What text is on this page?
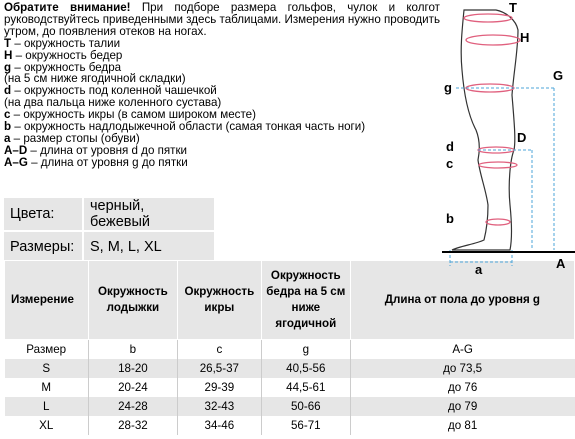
Обратите внимание! При подборе размера гольфов, чулок и колгот руководствуйтесь приведенными здесь таблицами. Измерения нужно проводить утром, до появления отеков на ногах.
T – окружность талии
H – окружность бедер
g – окружность бедра
(на 5 см ниже ягодичной складки)
d – окружность под коленной чашечкой
(на два пальца ниже коленного сустава)
c – окружность икры (в самом широком месте)
b – окружность надлодыжечной области (самая тонкая часть ноги)
a – размер стопы (обуви)
A–D – длина от уровня d до пятки
A–G – длина от уровня g до пятки
Цвета:	черный, бежевый
Размеры:	S, M, L, XL
Измерение	Окружность лодыжки	Окружность икры	Окружность бедра на 5 см ниже ягодичной	Длина от пола до уровня g
Размер	b	c	g	A-G
S	18-20	26,5-37	40,5-56	до 73,5
M	20-24	29-39	44,5-61	до 76
L	24-28	32-43	50-66	до 79
XL	28-32	34-46	56-71	до 81
T
H
g
G
d
D
c
b
a	A
